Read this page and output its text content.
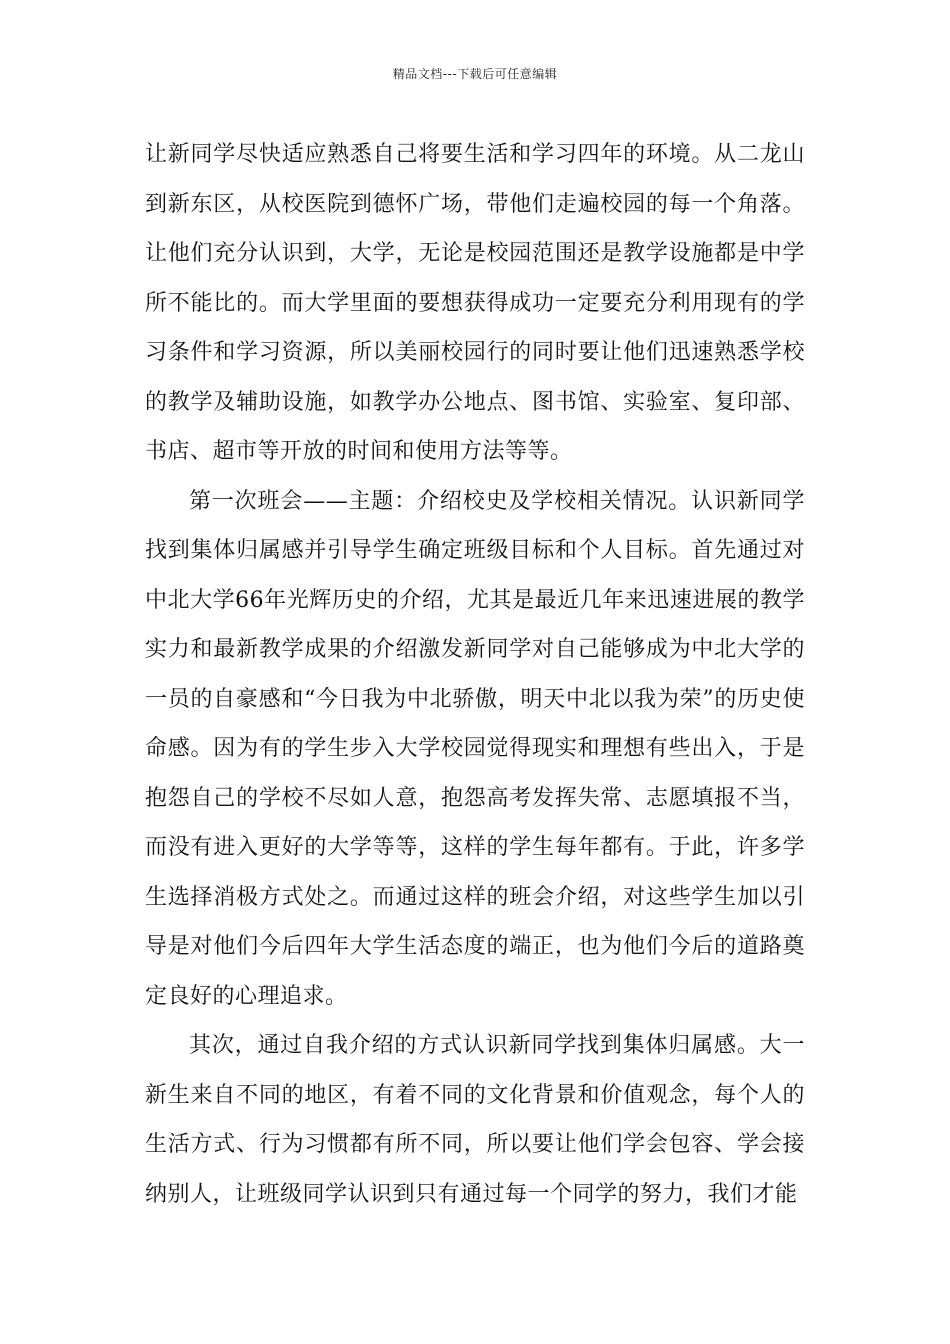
精品文档---下载后可任意编辑

让新同学尽快适应熟悉自己将要生活和学习四年的环境。从二龙山到新东区，从校医院到德怀广场，带他们走遍校园的每一个角落。让他们充分认识到，大学，无论是校园范围还是教学设施都是中学所不能比的。而大学里面的要想获得成功一定要充分利用现有的学习条件和学习资源，所以美丽校园行的同时要让他们迅速熟悉学校的教学及辅助设施，如教学办公地点、图书馆、实验室、复印部、书店、超市等开放的时间和使用方法等等。

第一次班会——主题：介绍校史及学校相关情况。认识新同学找到集体归属感并引导学生确定班级目标和个人目标。首先通过对中北大学66年光辉历史的介绍，尤其是最近几年来迅速进展的教学实力和最新教学成果的介绍激发新同学对自己能够成为中北大学的一员的自豪感和“今日我为中北骄傲，明天中北以我为荣”的历史使命感。因为有的学生步入大学校园觉得现实和理想有些出入，于是抱怨自己的学校不尽如人意，抱怨高考发挥失常、志愿填报不当，而没有进入更好的大学等等，这样的学生每年都有。于此，许多学生选择消极方式处之。而通过这样的班会介绍，对这些学生加以引导是对他们今后四年大学生活态度的端正，也为他们今后的道路奠定良好的心理追求。

其次，通过自我介绍的方式认识新同学找到集体归属感。大一新生来自不同的地区，有着不同的文化背景和价值观念，每个人的生活方式、行为习惯都有所不同，所以要让他们学会包容、学会接纳别人，让班级同学认识到只有通过每一个同学的努力，我们才能
